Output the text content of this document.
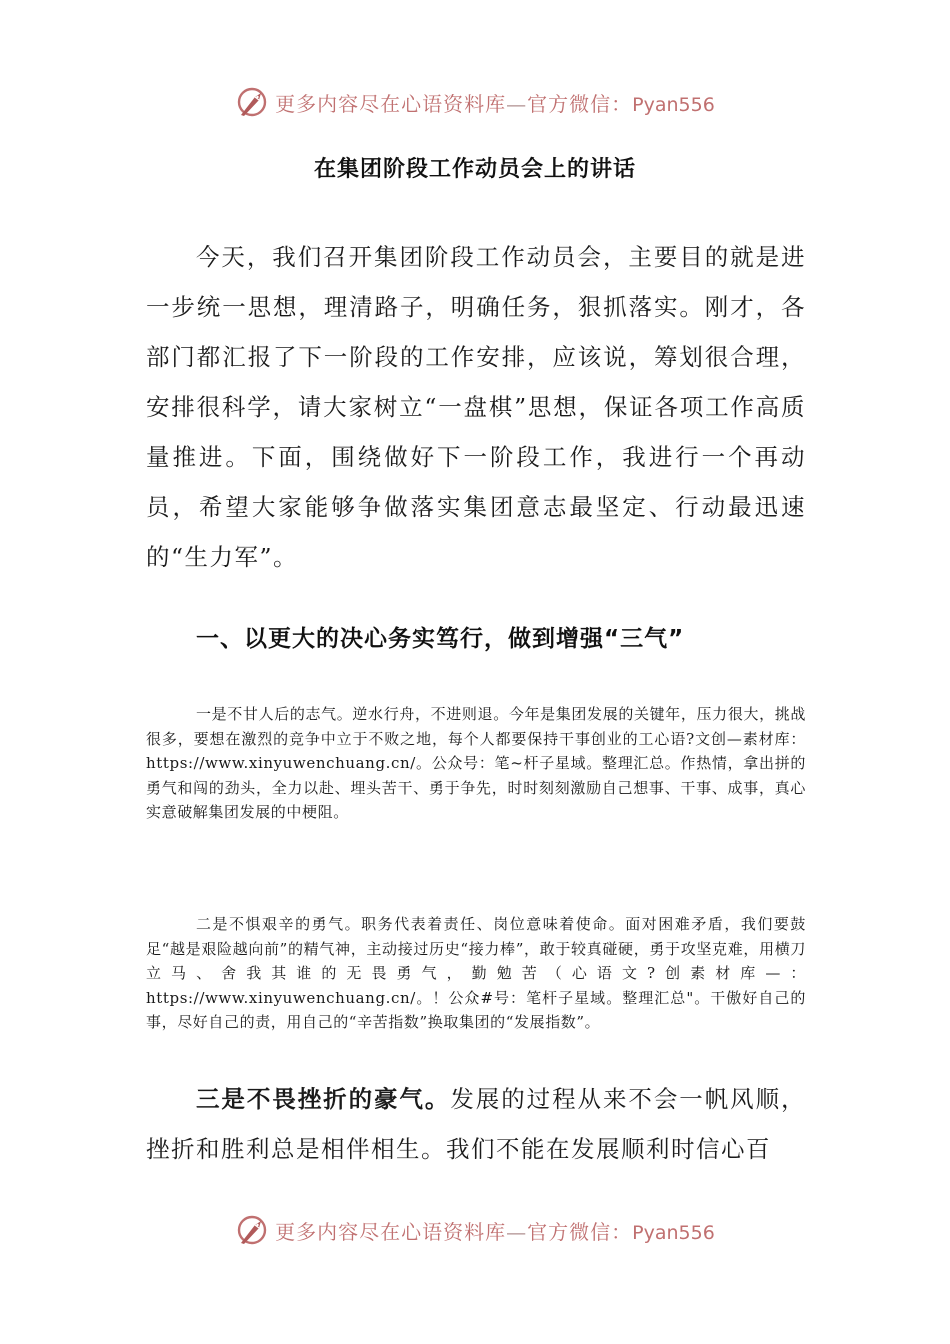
更多内容尽在心语资料库—官方微信：Pyan556
在集团阶段工作动员会上的讲话

今天，我们召开集团阶段工作动员会，主要目的就是进一步统一思想，理清路子，明确任务，狠抓落实。刚才，各部门都汇报了下一阶段的工作安排，应该说，筹划很合理，安排很科学，请大家树立“一盘棋”思想，保证各项工作高质量推进。下面，围绕做好下一阶段工作，我进行一个再动员，希望大家能够争做落实集团意志最坚定、行动最迅速的“生力军”。

一、以更大的决心务实笃行，做到增强“三气”

一是不甘人后的志气。逆水行舟，不进则退。今年是集团发展的关键年，压力很大，挑战很多，要想在激烈的竞争中立于不败之地，每个人都要保持干事创业的工心语?文创—素材库：https://www.xinyuwenchuang.cn/。公众号：笔~杆子星域。整理汇总。作热情，拿出拼的勇气和闯的劲头，全力以赴、埋头苦干、勇于争先，时时刻刻激励自己想事、干事、成事，真心实意破解集团发展的中梗阻。

二是不惧艰辛的勇气。职务代表着责任、岗位意味着使命。面对困难矛盾，我们要鼓足“越是艰险越向前”的精气神，主动接过历史“接力棒”，敢于较真碰硬，勇于攻坚克难，用横刀立马、舍我其谁的无畏勇气，勤勉苦（心语文?创素材库—：https://www.xinyuwenchuang.cn/。！公众#号：笔杆子星域。整理汇总"。干傲好自己的事，尽好自己的责，用自己的“辛苦指数”换取集团的“发展指数”。

三是不畏挫折的豪气。发展的过程从来不会一帆风顺，挫折和胜利总是相伴相生。我们不能在发展顺利时信心百

更多内容尽在心语资料库—官方微信：Pyan556
